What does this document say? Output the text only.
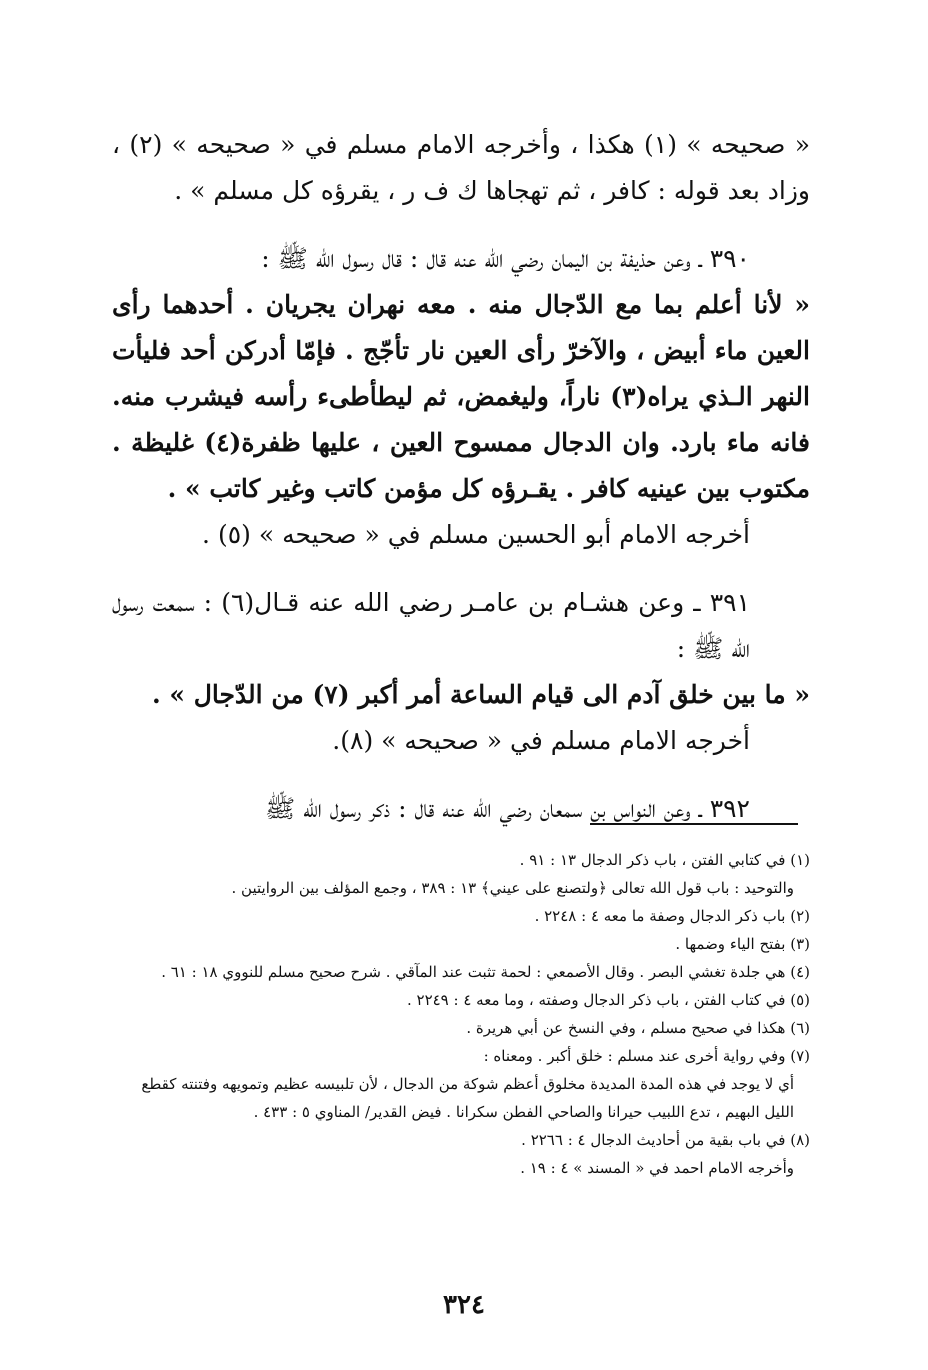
« صحيحه » (١) هكذا ، وأخرجه الامام مسلم في « صحيحه » (٢) ، وزاد بعد قوله : كافر ، ثم تهجاها ك ف ر ، يقرؤه كل مسلم » .

٣٩٠ ـ وعن حذيفة بن اليمان رضي الله عنه قال : قال رسول الله ﷺ :

« لأنا أعلم بما مع الدّجال منه . معه نهران يجريان . أحدهما رأى العين ماء أبيض ، والآخرّ رأى العين نار تأجّج . فإمّا أدركن أحد فليأت النهر الـذي يراه(٣) ناراً، وليغمض، ثم ليطأطىء رأسه فيشرب منه. فانه ماء بارد. وان الدجال ممسوح العين ، عليها ظفرة(٤) غليظة . مكتوب بين عينيه كافر . يقـرؤه كل مؤمن كاتب وغير كاتب » .

أخرجه الامام أبو الحسين مسلم في « صحيحه » (٥) .

٣٩١ ـ وعن هشـام بن عامـر رضي الله عنه قـال(٦) : سمعت رسول الله ﷺ :

« ما بين خلق آدم الى قيام الساعة أمر أكبر (٧) من الدّجال » .

أخرجه الامام مسلم في « صحيحه » (٨).

٣٩٢ ـ وعن النواس بن سمعان رضي الله عنه قال : ذكر رسول الله ﷺ

(١) في كتابي الفتن ، باب ذكر الدجال ١٣ : ٩١ .

والتوحيد : باب قول الله تعالى ﴿ولتصنع على عيني﴾ ١٣ : ٣٨٩ ، وجمع المؤلف بين الروايتين .

(٢) باب ذكر الدجال وصفة ما معه ٤ : ٢٢٤٨ .

(٣) بفتح الياء وضمها .

(٤) هي جلدة تغشي البصر . وقال الأصمعي : لحمة تثبت عند المآقي . شرح صحيح مسلم للنووي ١٨ : ٦١ .

(٥) في كتاب الفتن ، باب ذكر الدجال وصفته ، وما معه ٤ : ٢٢٤٩ .

(٦) هكذا في صحيح مسلم ، وفي النسخ عن أبي هريرة .

(٧) وفي رواية أخرى عند مسلم : خلق أكبر . ومعناه :

أي لا يوجد في هذه المدة المديدة مخلوق أعظم شوكة من الدجال ، لأن تلبيسه عظيم وتمويهه وفتنته كقطع الليل البهيم ، تدع اللبيب حيرانا والصاحي الفطن سكرانا . فيض القدير/ المناوي ٥ : ٤٣٣ .

(٨) في باب بقية من أحاديث الدجال ٤ : ٢٢٦٦ .

وأخرجه الامام احمد في « المسند » ٤ : ١٩ .

٣٢٤
